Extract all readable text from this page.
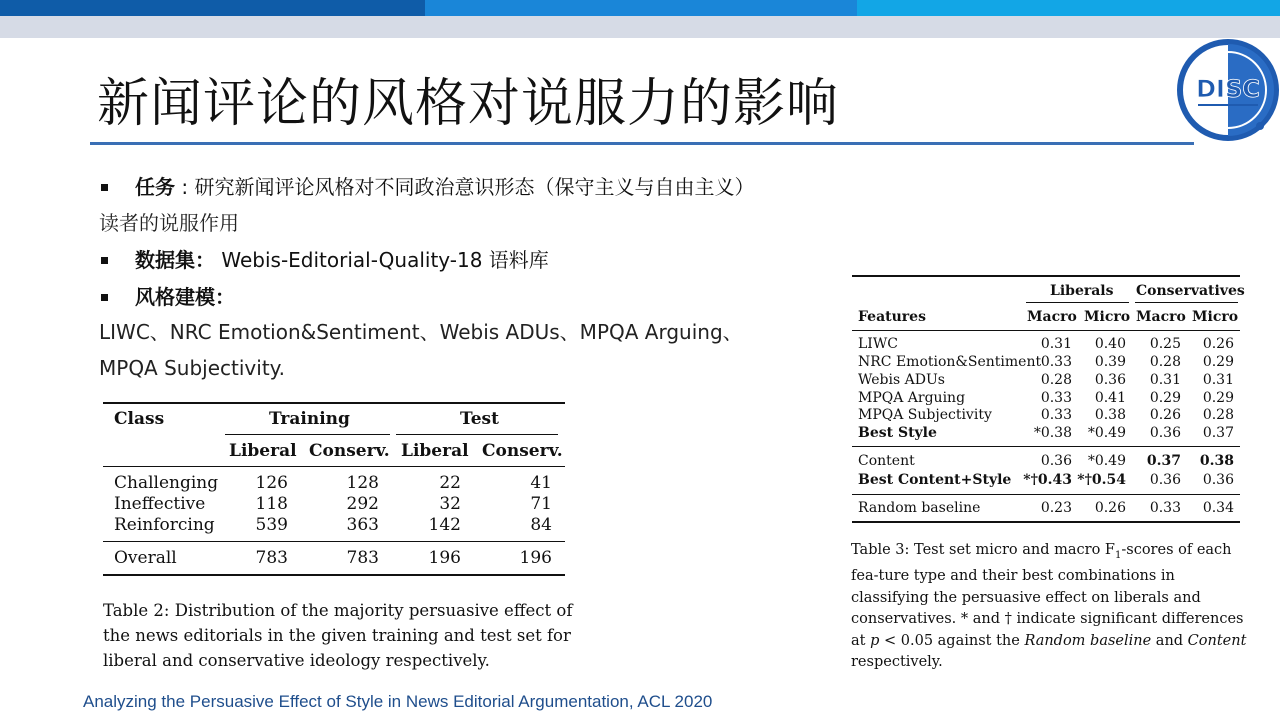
DISC
新闻评论的风格对说服力的影响
任务 : 研究新闻评论风格对不同政治意识形态（保守主义与自由主义）
读者的说服作用
数据集： Webis-Editorial-Quality-18 语料库
风格建模：
LIWC、NRC Emotion&Sentiment、Webis ADUs、MPQA Arguing、
MPQA Subjectivity.
Class	Training	Test
Liberal Conserv. Liberal Conserv.
Challenging	126	128	22	41
Ineffective	118	292	32	71
Reinforcing	539	363	142	84
Overall	783	783	196	196
Table 2: Distribution of the majority persuasive effect of the news editorials in the given training and test set for liberal and conservative ideology respectively.
Liberals Conservatives
Features	Macro Micro Macro Micro
LIWC	0.31	0.40	0.25	0.26
NRC Emotion&Sentiment 0.33	0.39	0.28	0.29
Webis ADUs	0.28	0.36	0.31	0.31
MPQA Arguing	0.33	0.41	0.29	0.29
MPQA Subjectivity	0.33	0.38	0.26	0.28
Best Style	*0.38	*0.49	0.36	0.37
Content	0.36	*0.49	0.37	0.38
Best Content+Style *†0.43 *†0.54	0.36	0.36
Random baseline	0.23	0.26	0.33	0.34
Table 3: Test set micro and macro $F_1$-scores of each fea-ture type and their best combinations in classifying the persuasive effect on liberals and conservatives. * and † indicate significant differences at p < 0.05 against the Random baseline and Content respectively.
Analyzing the Persuasive Effect of Style in News Editorial Argumentation, ACL 2020
